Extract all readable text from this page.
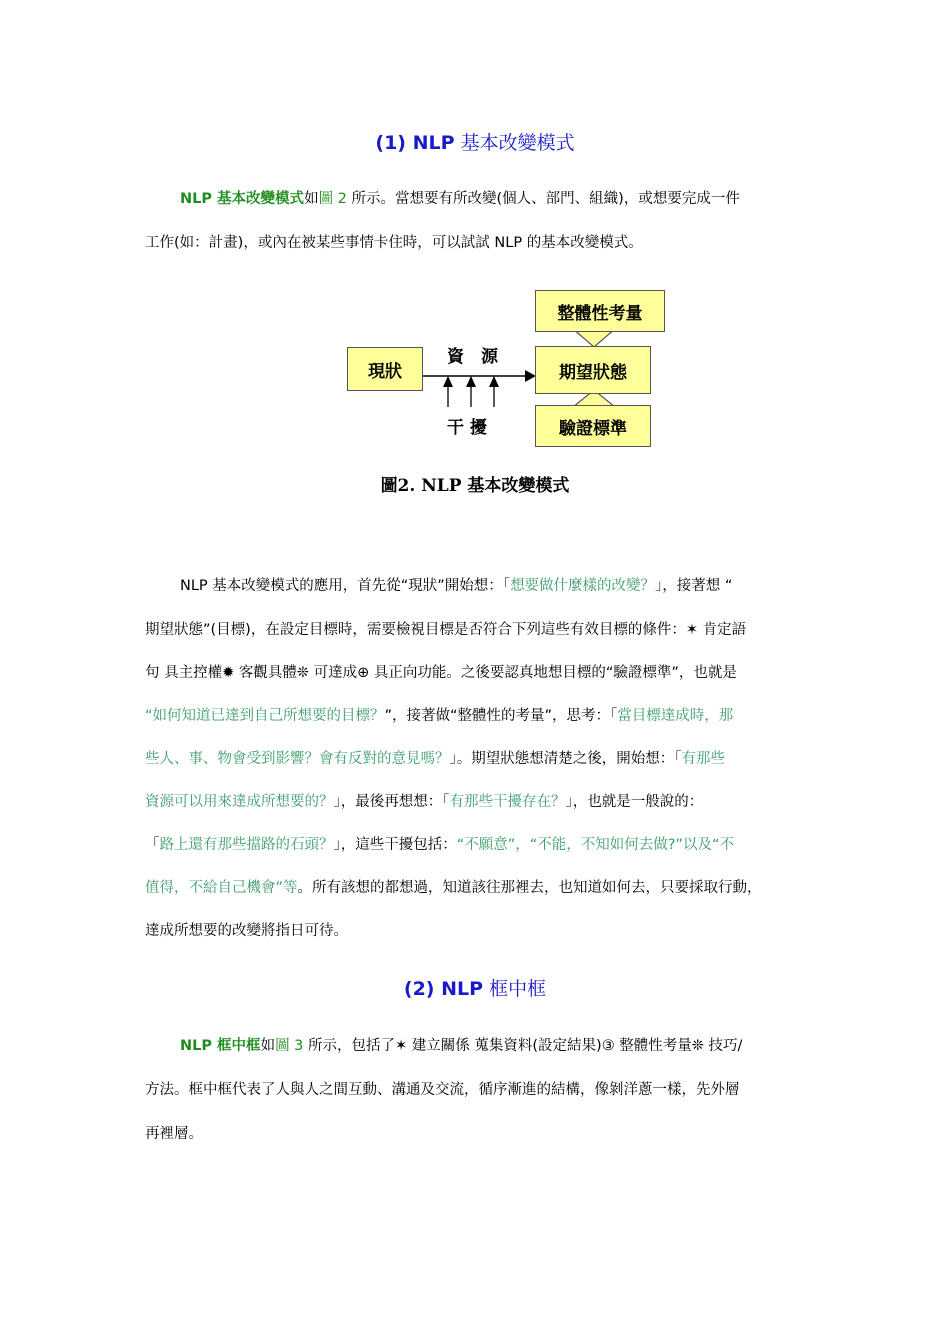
(1) NLP 基本改變模式
NLP 基本改變模式如圖 2 所示。當想要有所改變(個人、部門、組織)，或想要完成一件
工作(如：計畫)，或內在被某些事情卡住時，可以試試 NLP 的基本改變模式。
整體性考量
現狀
資　源
期望狀態
干 擾	驗證標準
圖2. NLP 基本改變模式
NLP 基本改變模式的應用，首先從“現狀”開始想：「想要做什麼樣的改變？」，接著想 “
期望狀態”(目標)，在設定目標時，需要檢視目標是否符合下列這些有效目標的條件：✶ 肯定語
句 具主控權✹ 客觀具體❊ 可達成⊕ 具正向功能。之後要認真地想目標的“驗證標準”，也就是
“如何知道已達到自己所想要的目標？”，接著做“整體性的考量”，思考：「當目標達成時，那
些人、事、物會受到影響？會有反對的意見嗎？」。期望狀態想清楚之後，開始想：「有那些
資源可以用來達成所想要的？」，最後再想想：「有那些干擾存在？」，也就是一般說的：
「路上還有那些擋路的石頭？」，這些干擾包括：“不願意”，“不能，不知如何去做?”以及“不
值得，不給自己機會”等。所有該想的都想過，知道該往那裡去，也知道如何去，只要採取行動，
達成所想要的改變將指日可待。
(2) NLP 框中框
NLP 框中框如圖 3 所示，包括了✶ 建立關係 蒐集資料(設定結果)③ 整體性考量❊ 技巧/
方法。框中框代表了人與人之間互動、溝通及交流，循序漸進的結構，像剝洋蔥一樣，先外層
再裡層。
